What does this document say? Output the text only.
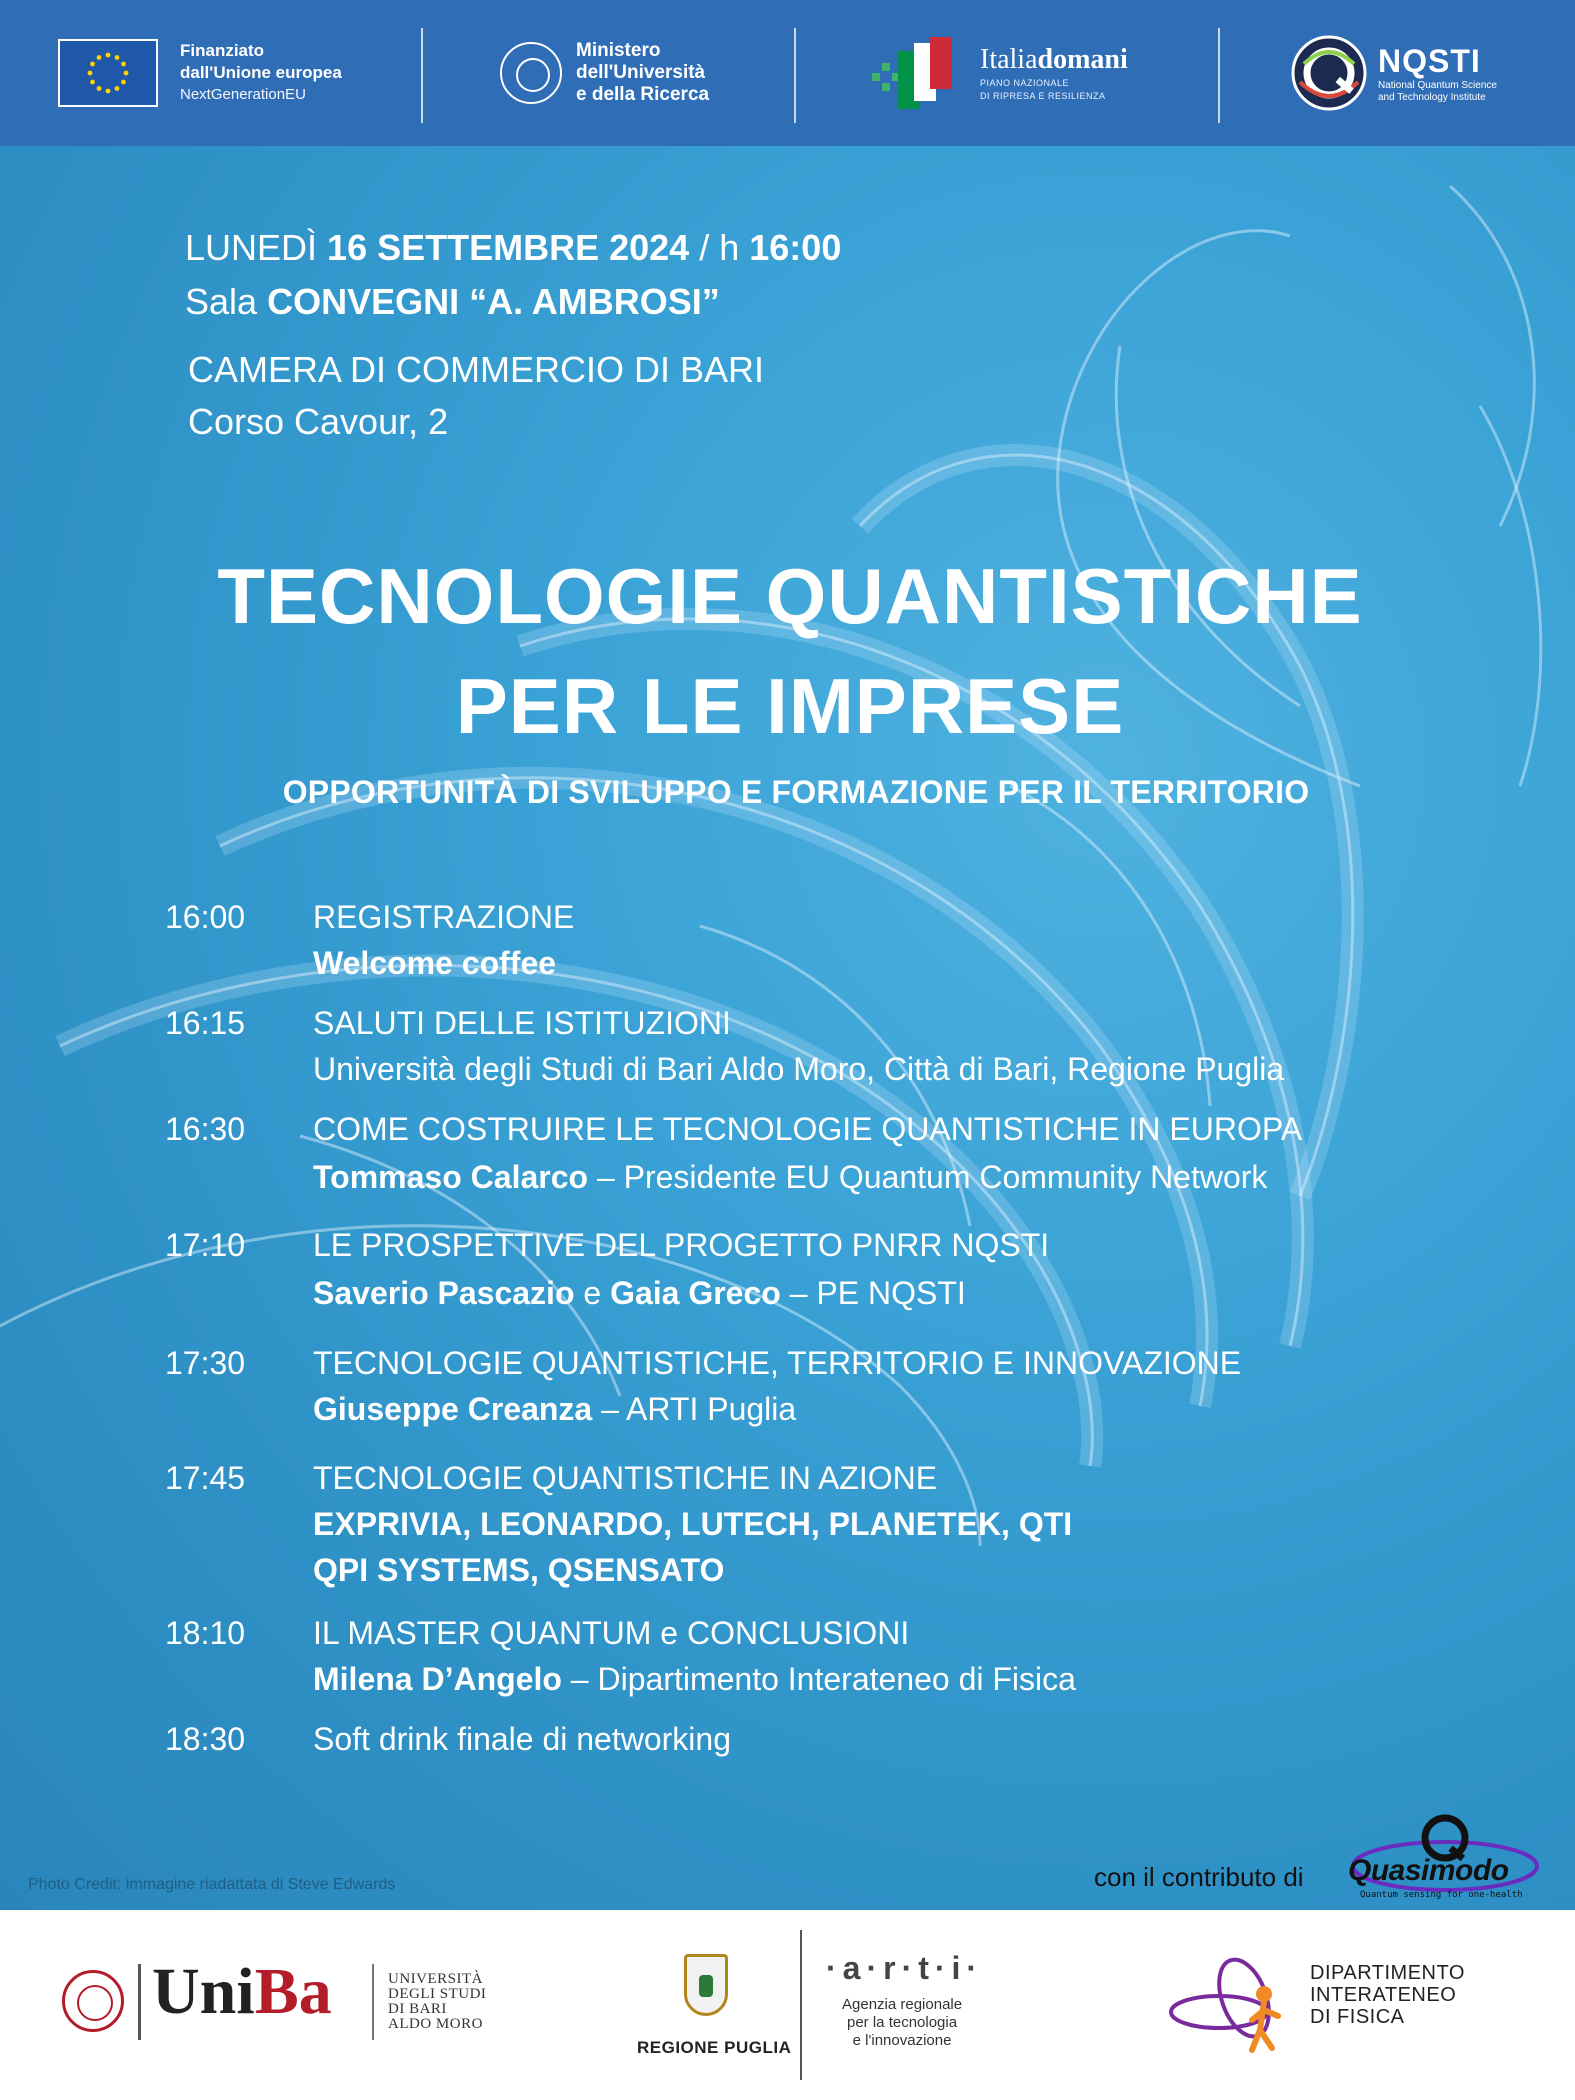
Finanziato
dall'Unione europea
NextGenerationEU
Ministero
dell'Università
e della Ricerca
Italiadomani
PIANO NAZIONALE
DI RIPRESA E RESILIENZA
NQSTI
National Quantum Science
and Technology Institute
LUNEDÌ 16 SETTEMBRE 2024 / h 16:00
Sala CONVEGNI “A. AMBROSI”
CAMERA DI COMMERCIO DI BARI
Corso Cavour, 2
TECNOLOGIE QUANTISTICHE
PER LE IMPRESE
OPPORTUNITÀ DI SVILUPPO E FORMAZIONE PER IL TERRITORIO
16:00 REGISTRAZIONE
Welcome coffee
16:15 SALUTI DELLE ISTITUZIONI
Università degli Studi di Bari Aldo Moro, Città di Bari, Regione Puglia
16:30 COME COSTRUIRE LE TECNOLOGIE QUANTISTICHE IN EUROPA
Tommaso Calarco – Presidente EU Quantum Community Network
17:10 LE PROSPETTIVE DEL PROGETTO PNRR NQSTI
Saverio Pascazio e Gaia Greco – PE NQSTI
17:30 TECNOLOGIE QUANTISTICHE, TERRITORIO E INNOVAZIONE
Giuseppe Creanza – ARTI Puglia
17:45 TECNOLOGIE QUANTISTICHE IN AZIONE
EXPRIVIA, LEONARDO, LUTECH, PLANETEK, QTI
QPI SYSTEMS, QSENSATO
18:10 IL MASTER QUANTUM e CONCLUSIONI
Milena D’Angelo – Dipartimento Interateneo di Fisica
18:30 Soft drink finale di networking
Photo Credit: immagine riadattata di Steve Edwards	con il contributo di Quasimodo
Quantum sensing for one-health
UniBa	UNIVERSITÀ
DEGLI STUDI
DI BARI
ALDO MORO
REGIONE PUGLIA
·a·r·t·i·
Agenzia regionale
per la tecnologia
e l'innovazione
DIPARTIMENTO
INTERATENEO
DI FISICA
